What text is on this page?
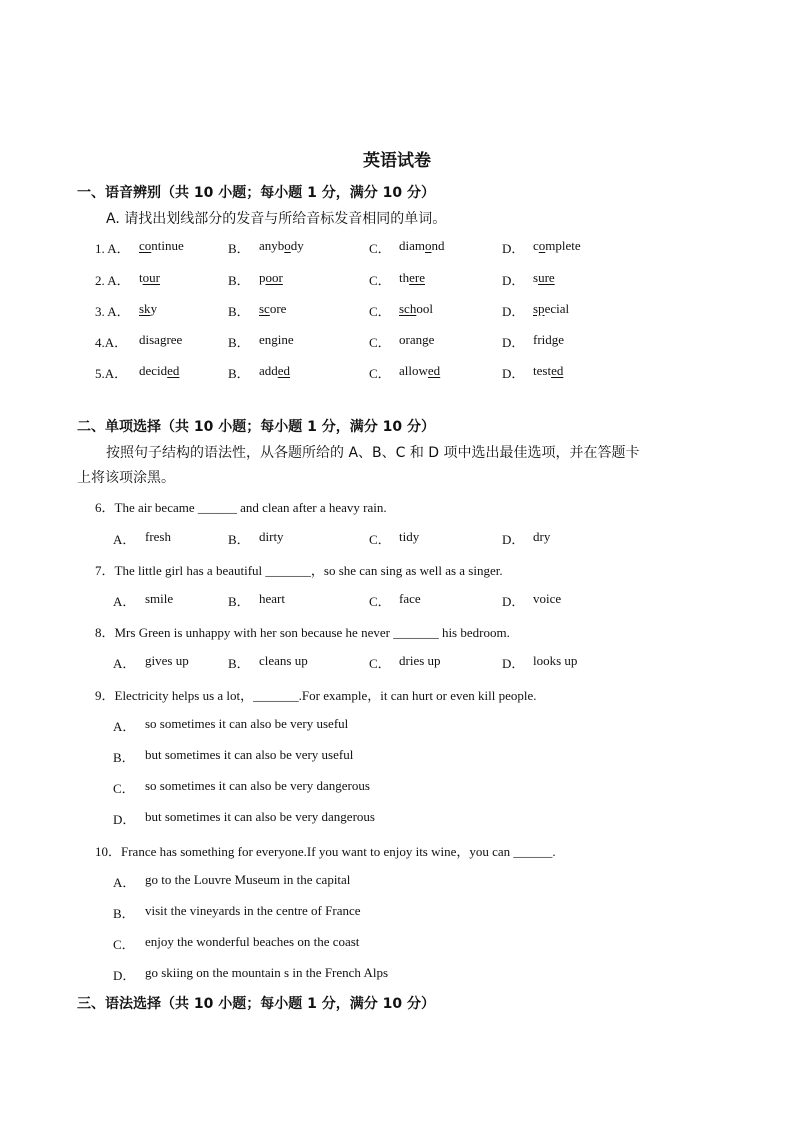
英语试卷
一、语音辨别（共 10 小题；每小题 1 分，满分 10 分）
A. 请找出划线部分的发音与所给音标发音相同的单词。
1. A． continue	B． anybody	C． diamond	D． complete
2. A． tour	B． poor	C． there	D． sure
3. A． sky	B． score	C． school	D． special
4.A． disagree	B． engine	C． orange	D． fridge
5.A． decided	B． added	C． allowed	D． tested
二、单项选择（共 10 小题；每小题 1 分，满分 10 分）
按照句子结构的语法性，从各题所给的 A、B、C 和 D 项中选出最佳选项，并在答题卡
上将该项涂黑。
6．The air became ______ and clean after a heavy rain.
A． fresh	B． dirty	C． tidy	D． dry
7．The little girl has a beautiful _______，so she can sing as well as a singer.
A． smile	B． heart	C． face	D． voice
8．Mrs Green is unhappy with her son because he never _______ his bedroom.
A． gives up	B． cleans up	C． dries up	D． looks up
9．Electricity helps us a lot，_______.For example，it can hurt or even kill people.
A． so sometimes it can also be very useful
B． but sometimes it can also be very useful
C． so sometimes it can also be very dangerous
D． but sometimes it can also be very dangerous
10．France has something for everyone.If you want to enjoy its wine，you can ______.
A． go to the Louvre Museum in the capital
B． visit the vineyards in the centre of France
C． enjoy the wonderful beaches on the coast
D． go skiing on the mountain s in the French Alps
三、语法选择（共 10 小题；每小题 1 分，满分 10 分）
